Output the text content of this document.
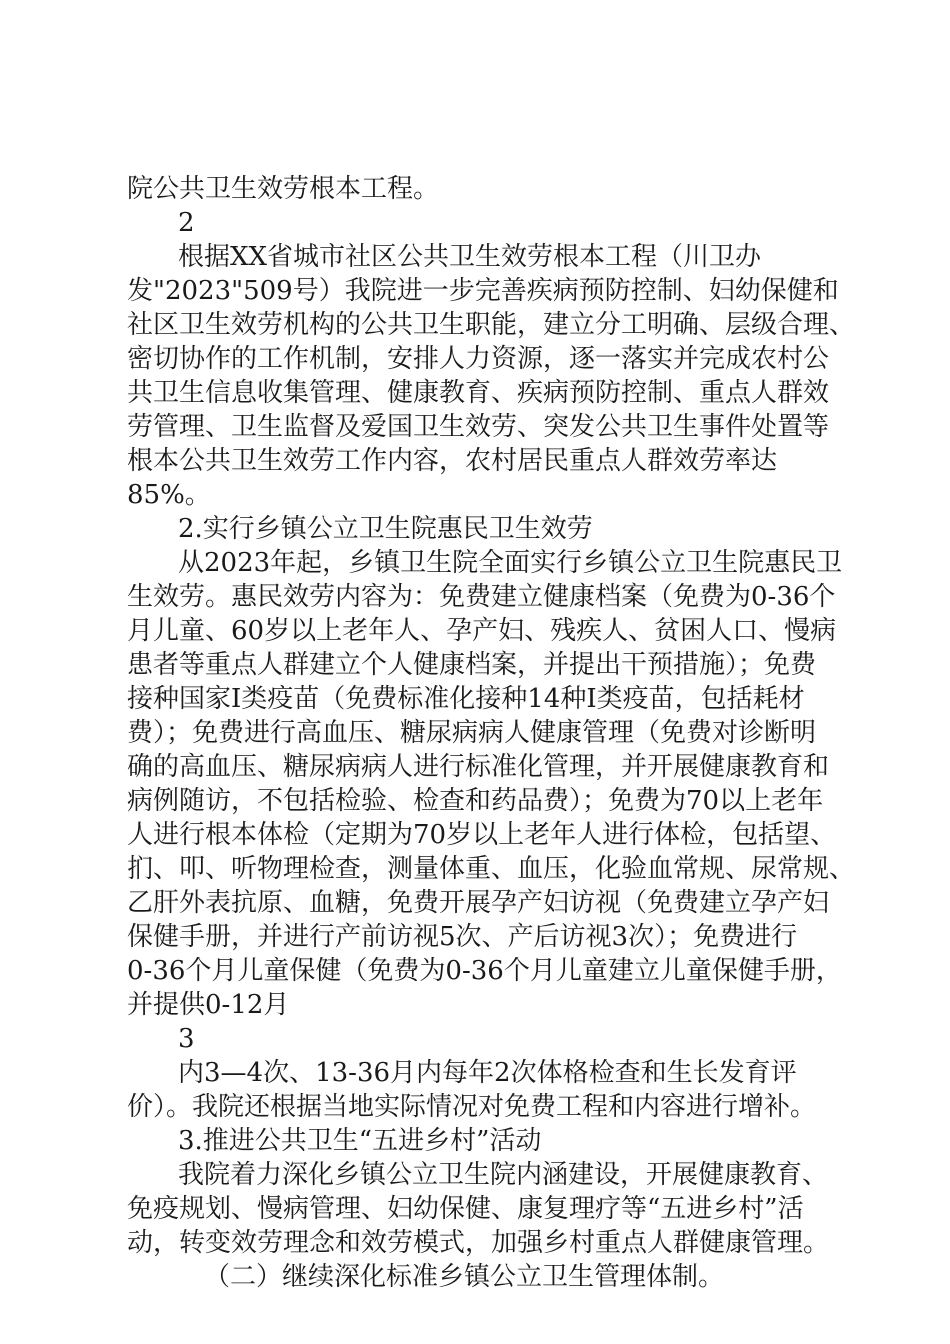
院公共卫生效劳根本工程。

2

根据XX省城市社区公共卫生效劳根本工程（川卫办

发"2023"509号）我院进一步完善疾病预防控制、妇幼保健和

社区卫生效劳机构的公共卫生职能，建立分工明确、层级合理、

密切协作的工作机制，安排人力资源，逐一落实并完成农村公

共卫生信息收集管理、健康教育、疾病预防控制、重点人群效

劳管理、卫生监督及爱国卫生效劳、突发公共卫生事件处置等

根本公共卫生效劳工作内容，农村居民重点人群效劳率达

85%。

2.实行乡镇公立卫生院惠民卫生效劳

从2023年起，乡镇卫生院全面实行乡镇公立卫生院惠民卫

生效劳。惠民效劳内容为：免费建立健康档案（免费为0-36个

月儿童、60岁以上老年人、孕产妇、残疾人、贫困人口、慢病

患者等重点人群建立个人健康档案，并提出干预措施）；免费

接种国家Ⅰ类疫苗（免费标准化接种14种Ⅰ类疫苗，包括耗材

费）；免费进行高血压、糖尿病病人健康管理（免费对诊断明

确的高血压、糖尿病病人进行标准化管理，并开展健康教育和

病例随访，不包括检验、检查和药品费）；免费为70以上老年

人进行根本体检（定期为70岁以上老年人进行体检，包括望、

扪、叩、听物理检查，测量体重、血压，化验血常规、尿常规、

乙肝外表抗原、血糖，免费开展孕产妇访视（免费建立孕产妇

保健手册，并进行产前访视5次、产后访视3次）；免费进行

0-36个月儿童保健（免费为0-36个月儿童建立儿童保健手册，

并提供0-12月

3

内3—4次、13-36月内每年2次体格检查和生长发育评

价）。我院还根据当地实际情况对免费工程和内容进行增补。

3.推进公共卫生“五进乡村”活动

我院着力深化乡镇公立卫生院内涵建设，开展健康教育、

免疫规划、慢病管理、妇幼保健、康复理疗等“五进乡村”活

动，转变效劳理念和效劳模式，加强乡村重点人群健康管理。

（二）继续深化标准乡镇公立卫生管理体制。
